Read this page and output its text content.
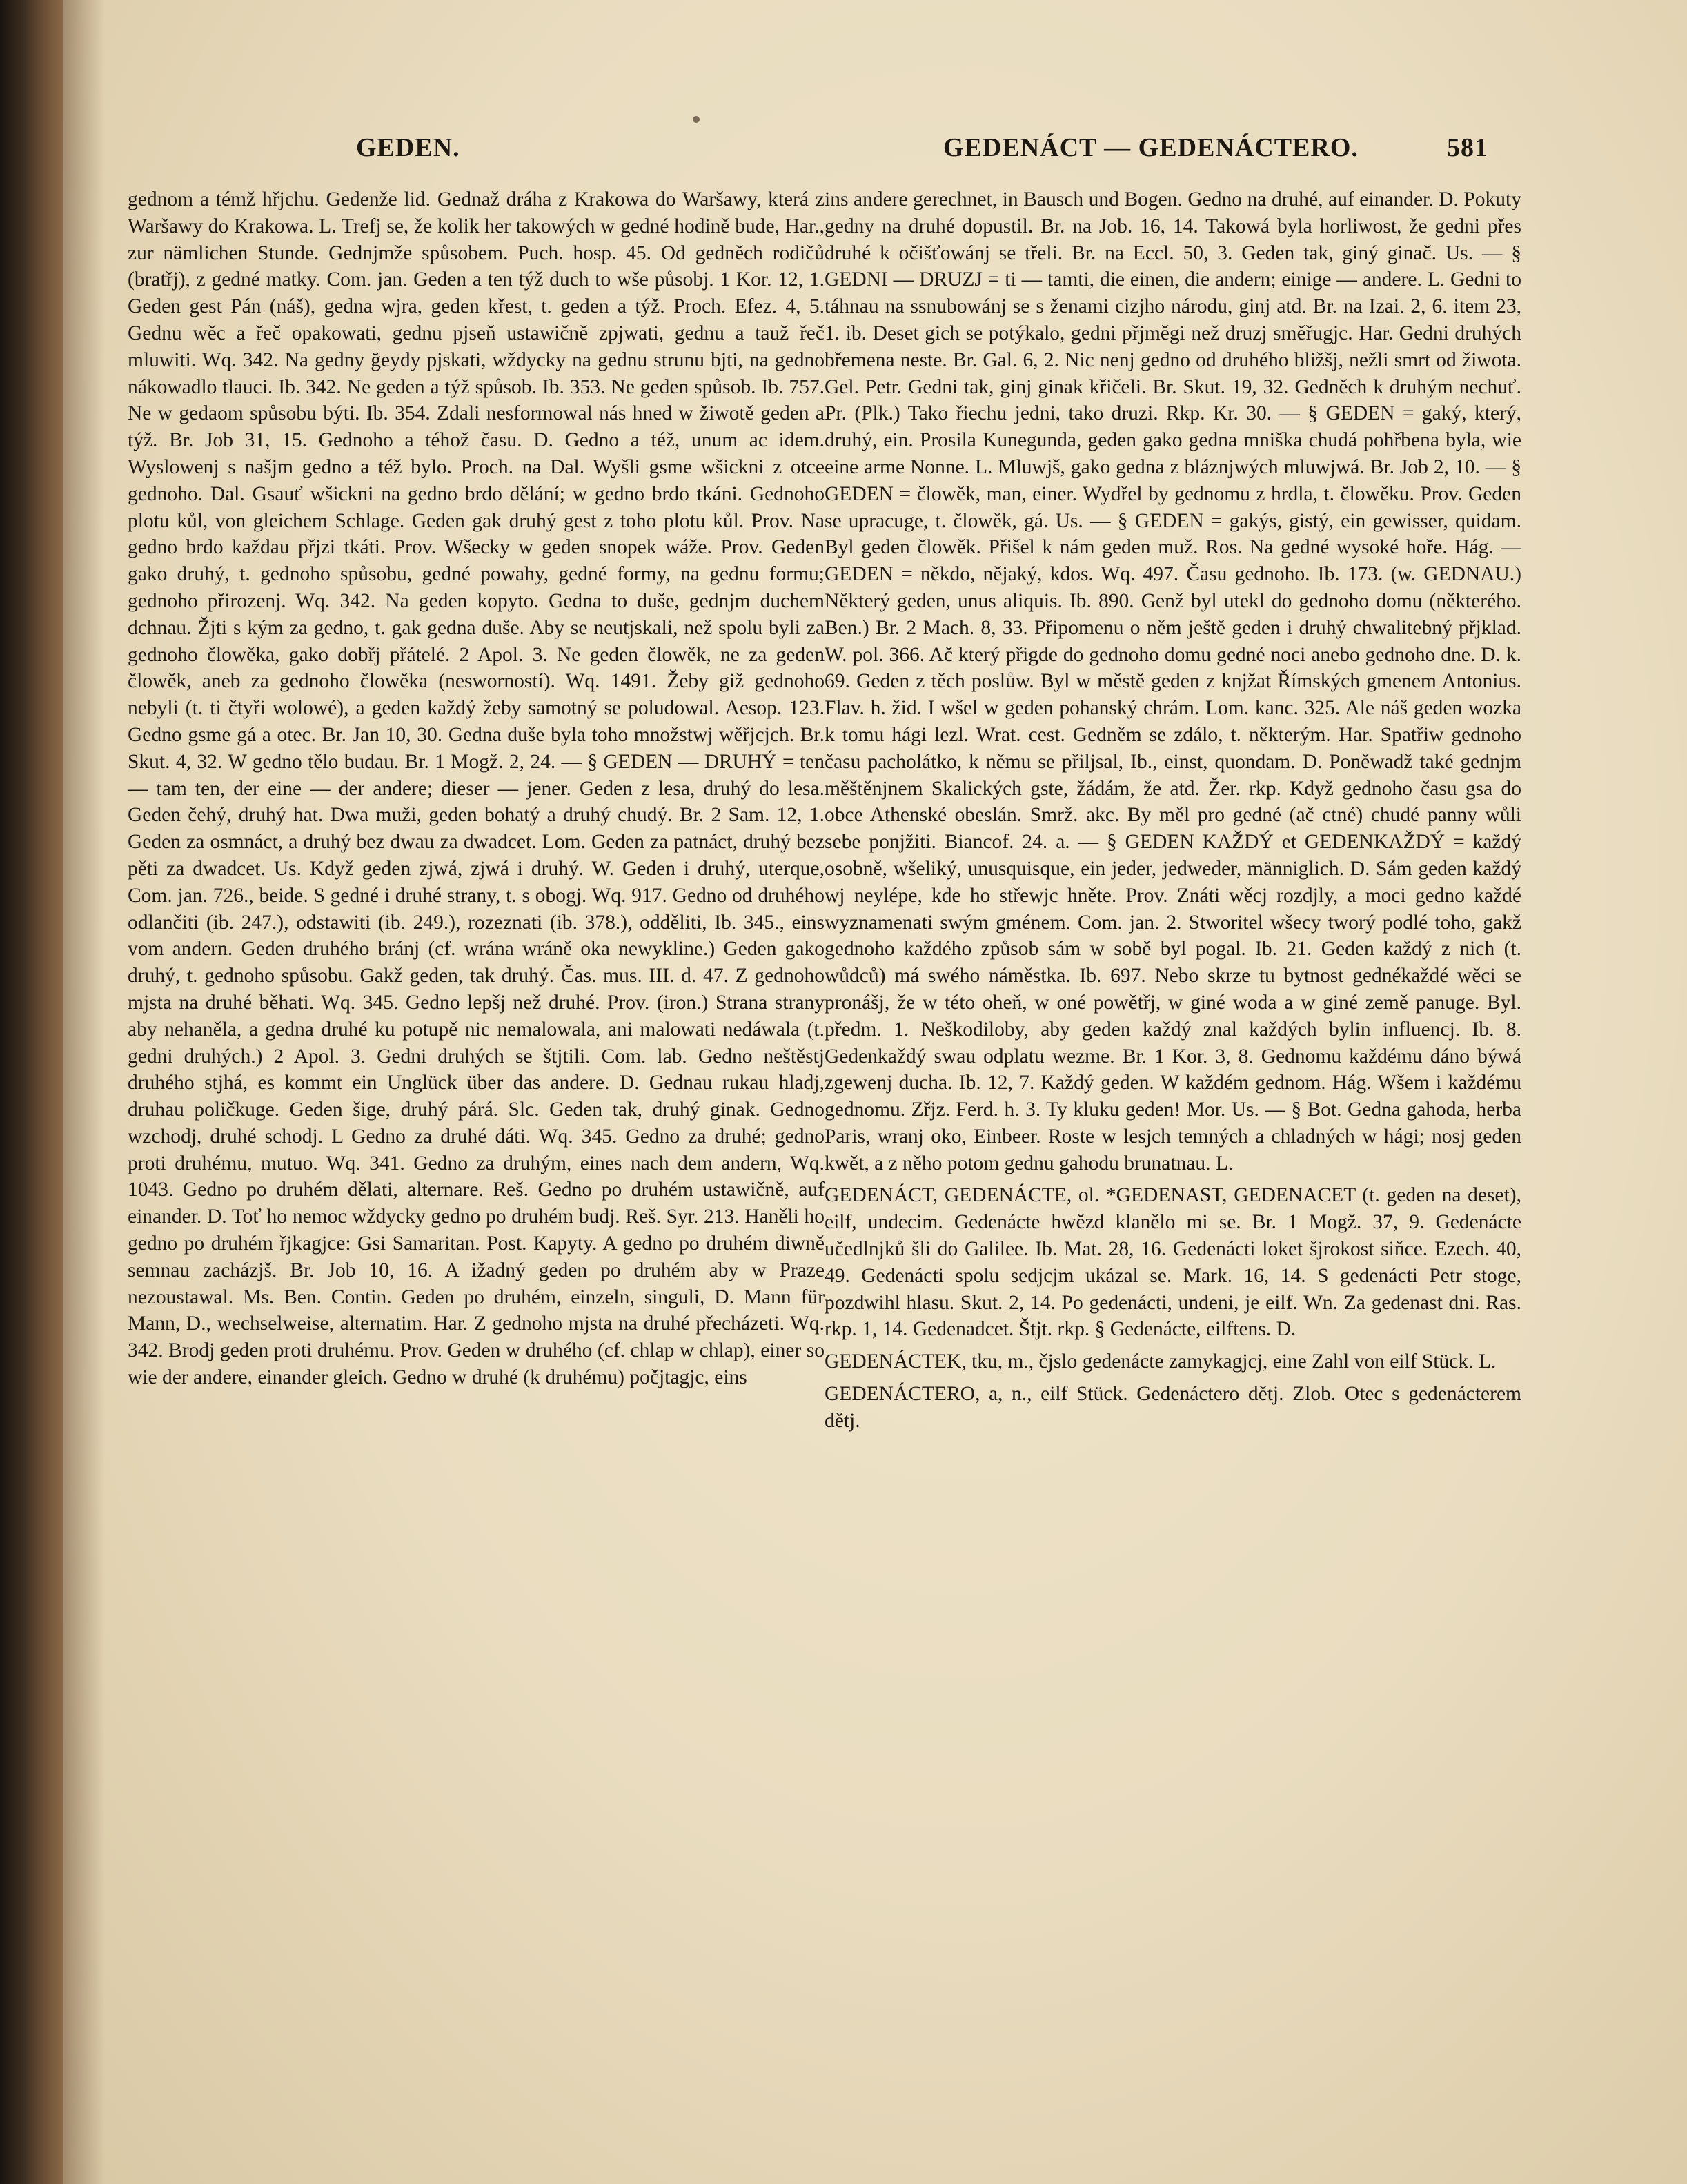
GEDEN.	GEDENÁCT — GEDENÁCTERO.	581

gednom a témž hřjchu. Gedenže lid. Gednaž dráha z Krakowa do Waršawy, která z Waršawy do Krakowa. L. Trefj se, že kolik her takowých w gedné hodině bude, Har., zur nämlichen Stunde. Gednjmže spůsobem. Puch. hosp. 45. Od gedněch rodičů (bratřj), z gedné matky. Com. jan. Geden a ten týž duch to wše působj. 1 Kor. 12, 1. Geden gest Pán (náš), gedna wjra, geden křest, t. geden a týž. Proch. Efez. 4, 5. Gednu wěc a řeč opakowati, gednu pjseň ustawičně zpjwati, gednu a tauž řeč mluwiti. Wq. 342. Na gedny ğeydy pjskati, wždycky na gednu strunu bjti, na gedno nákowadlo tlauci. Ib. 342. Ne geden a týž spůsob. Ib. 353. Ne geden spůsob. Ib. 757. Ne w gedaom spůsobu býti. Ib. 354. Zdali nesformowal nás hned w žiwotě geden a týž. Br. Job 31, 15. Gednoho a téhož času. D. Gedno a též, unum ac idem. Wyslowenj s našjm gedno a též bylo. Proch. na Dal. Wyšli gsme wšickni z otce gednoho. Dal. Gsauť wšickni na gedno brdo dělání; w gedno brdo tkáni. Gednoho plotu kůl, von gleichem Schlage. Geden gak druhý gest z toho plotu kůl. Prov. Na gedno brdo každau přjzi tkáti. Prov. Wšecky w geden snopek wáže. Prov. Geden gako druhý, t. gednoho spůsobu, gedné powahy, gedné formy, na gednu formu; gednoho přirozenj. Wq. 342. Na geden kopyto. Gedna to duše, gednjm duchem dchnau. Žjti s kým za gedno, t. gak gedna duše. Aby se neutjskali, než spolu byli za gednoho člowěka, gako dobřj přátelé. 2 Apol. 3. Ne geden člowěk, ne za geden člowěk, aneb za gednoho člowěka (nesworností). Wq. 1491. Žeby giž gednoho nebyli (t. ti čtyři wolowé), a geden každý žeby samotný se poludowal. Aesop. 123. Gedno gsme gá a otec. Br. Jan 10, 30. Gedna duše byla toho množstwj wěřjcjch. Br. Skut. 4, 32. W gedno tělo budau. Br. 1 Mogž. 2, 24. — § GEDEN — DRUHÝ = ten — tam ten, der eine — der andere; dieser — jener. Geden z lesa, druhý do lesa. Geden čehý, druhý hat. Dwa muži, geden bohatý a druhý chudý. Br. 2 Sam. 12, 1. Geden za osmnáct, a druhý bez dwau za dwadcet. Lom. Geden za patnáct, druhý bez pěti za dwadcet. Us. Když geden zjwá, zjwá i druhý. W. Geden i druhý, uterque, Com. jan. 726., beide. S gedné i druhé strany, t. s obogj. Wq. 917. Gedno od druhého odlančiti (ib. 247.), odstawiti (ib. 249.), rozeznati (ib. 378.), odděliti, Ib. 345., eins vom andern. Geden druhého bránj (cf. wrána wráně oka newykline.) Geden gako druhý, t. gednoho spůsobu. Gakž geden, tak druhý. Čas. mus. III. d. 47. Z gednoho mjsta na druhé běhati. Wq. 345. Gedno lepšj než druhé. Prov. (iron.) Strana strany aby nehaněla, a gedna druhé ku potupě nic nemalowala, ani malowati nedáwala (t. gedni druhých.) 2 Apol. 3. Gedni druhých se štjtili. Com. lab. Gedno neštěstj druhého stjhá, es kommt ein Unglück über das andere. D. Gednau rukau hladj, druhau poličkuge. Geden šige, druhý párá. Slc. Geden tak, druhý ginak. Gedno wzchodj, druhé schodj. L Gedno za druhé dáti. Wq. 345. Gedno za druhé; gedno proti druhému, mutuo. Wq. 341. Gedno za druhým, eines nach dem andern, Wq. 1043. Gedno po druhém dělati, alternare. Reš. Gedno po druhém ustawičně, auf einander. D. Toť ho nemoc wždycky gedno po druhém budj. Reš. Syr. 213. Haněli ho gedno po druhém řjkagjce: Gsi Samaritan. Post. Kapyty. A gedno po druhém diwně semnau zacházjš. Br. Job 10, 16. A ižadný geden po druhém aby w Praze nezoustawal. Ms. Ben. Contin. Geden po druhém, einzeln, singuli, D. Mann für Mann, D., wechselweise, alternatim. Har. Z gednoho mjsta na druhé přecházeti. Wq. 342. Brodj geden proti druhému. Prov. Geden w druhého (cf. chlap w chlap), einer so wie der andere, einander gleich. Gedno w druhé (k druhému) počjtagjc, eins

ins andere gerechnet, in Bausch und Bogen. Gedno na druhé, auf einander. D. Pokuty gedny na druhé dopustil. Br. na Job. 16, 14. Takowá byla horliwost, že gedni přes druhé k očišťowánj se třeli. Br. na Eccl. 50, 3. Geden tak, giný ginač. Us. — § GEDNI — DRUZJ = ti — tamti, die einen, die andern; einige — andere. L. Gedni to táhnau na ssnubowánj se s ženami cizjho národu, ginj atd. Br. na Izai. 2, 6. item 23, 1. ib. Deset gich se potýkalo, gedni přjměgi než druzj směřugjc. Har. Gedni druhých břemena neste. Br. Gal. 6, 2. Nic nenj gedno od druhého bližšj, nežli smrt od žiwota. Gel. Petr. Gedni tak, ginj ginak křičeli. Br. Skut. 19, 32. Gedněch k druhým nechuť. Pr. (Plk.) Tako řiechu jedni, tako druzi. Rkp. Kr. 30. — § GEDEN = gaký, který, druhý, ein. Prosila Kunegunda, geden gako gedna mniška chudá pohřbena byla, wie eine arme Nonne. L. Mluwjš, gako gedna z bláznjwých mluwjwá. Br. Job 2, 10. — § GEDEN = člowěk, man, einer. Wydřel by gednomu z hrdla, t. člowěku. Prov. Geden se upracuge, t. člowěk, gá. Us. — § GEDEN = gakýs, gistý, ein gewisser, quidam. Byl geden člowěk. Přišel k nám geden muž. Ros. Na gedné wysoké hoře. Hág. — GEDEN = někdo, nějaký, kdos. Wq. 497. Času gednoho. Ib. 173. (w. GEDNAU.) Některý geden, unus aliquis. Ib. 890. Genž byl utekl do gednoho domu (některého. Ben.) Br. 2 Mach. 8, 33. Připomenu o něm ještě geden i druhý chwalitebný přjklad. W. pol. 366. Ač který přigde do gednoho domu gedné noci anebo gednoho dne. D. k. 69. Geden z těch poslůw. Byl w městě geden z knjžat Římských gmenem Antonius. Flav. h. žid. I wšel w geden pohanský chrám. Lom. kanc. 325. Ale náš geden wozka k tomu hági lezl. Wrat. cest. Gedněm se zdálo, t. některým. Har. Spatřiw gednoho času pacholátko, k němu se přiljsal, Ib., einst, quondam. D. Poněwadž také gednjm měštěnjnem Skalických gste, žádám, že atd. Žer. rkp. Když gednoho času gsa do obce Athenské obeslán. Smrž. akc. By měl pro gedné (ač ctné) chudé panny wůli sebe ponjžiti. Biancof. 24. a. — § GEDEN KAŽDÝ et GEDENKAŽDÝ = každý osobně, wšeliký, unusquisque, ein jeder, jedweder, männiglich. D. Sám geden každý wj neylépe, kde ho střewjc hněte. Prov. Znáti wěcj rozdjly, a moci gedno každé wyznamenati swým gménem. Com. jan. 2. Stworitel wšecy tworý podlé toho, gakž gednoho každého způsob sám w sobě byl pogal. Ib. 21. Geden každý z nich (t. wůdců) má swého náměstka. Ib. 697. Nebo skrze tu bytnost gednékaždé wěci se pronášj, že w této oheň, w oné powětřj, w giné woda a w giné země panuge. Byl. předm. 1. Neškodiloby, aby geden každý znal každých bylin influencj. Ib. 8. Gedenkaždý swau odplatu wezme. Br. 1 Kor. 3, 8. Gednomu každému dáno býwá zgewenj ducha. Ib. 12, 7. Každý geden. W každém gednom. Hág. Wšem i každému gednomu. Zřjz. Ferd. h. 3. Ty kluku geden! Mor. Us. — § Bot. Gedna gahoda, herba Paris, wranj oko, Einbeer. Roste w lesjch temných a chladných w hági; nosj geden kwět, a z něho potom gednu gahodu brunatnau. L.

GEDENÁCT, GEDENÁCTE, ol. *GEDENAST, GEDENACET (t. geden na deset), eilf, undecim. Gedenácte hwězd klanělo mi se. Br. 1 Mogž. 37, 9. Gedenácte učedlnjků šli do Galilee. Ib. Mat. 28, 16. Gedenácti loket šjrokost siňce. Ezech. 40, 49. Gedenácti spolu sedjcjm ukázal se. Mark. 16, 14. S gedenácti Petr stoge, pozdwihl hlasu. Skut. 2, 14. Po gedenácti, undeni, je eilf. Wn. Za gedenast dni. Ras. rkp. 1, 14. Gedenadcet. Štjt. rkp. § Gedenácte, eilftens. D.

GEDENÁCTEK, tku, m., čjslo gedenácte zamykagjcj, eine Zahl von eilf Stück. L.

GEDENÁCTERO, a, n., eilf Stück. Gedenáctero dětj. Zlob. Otec s gedenácterem dětj.
